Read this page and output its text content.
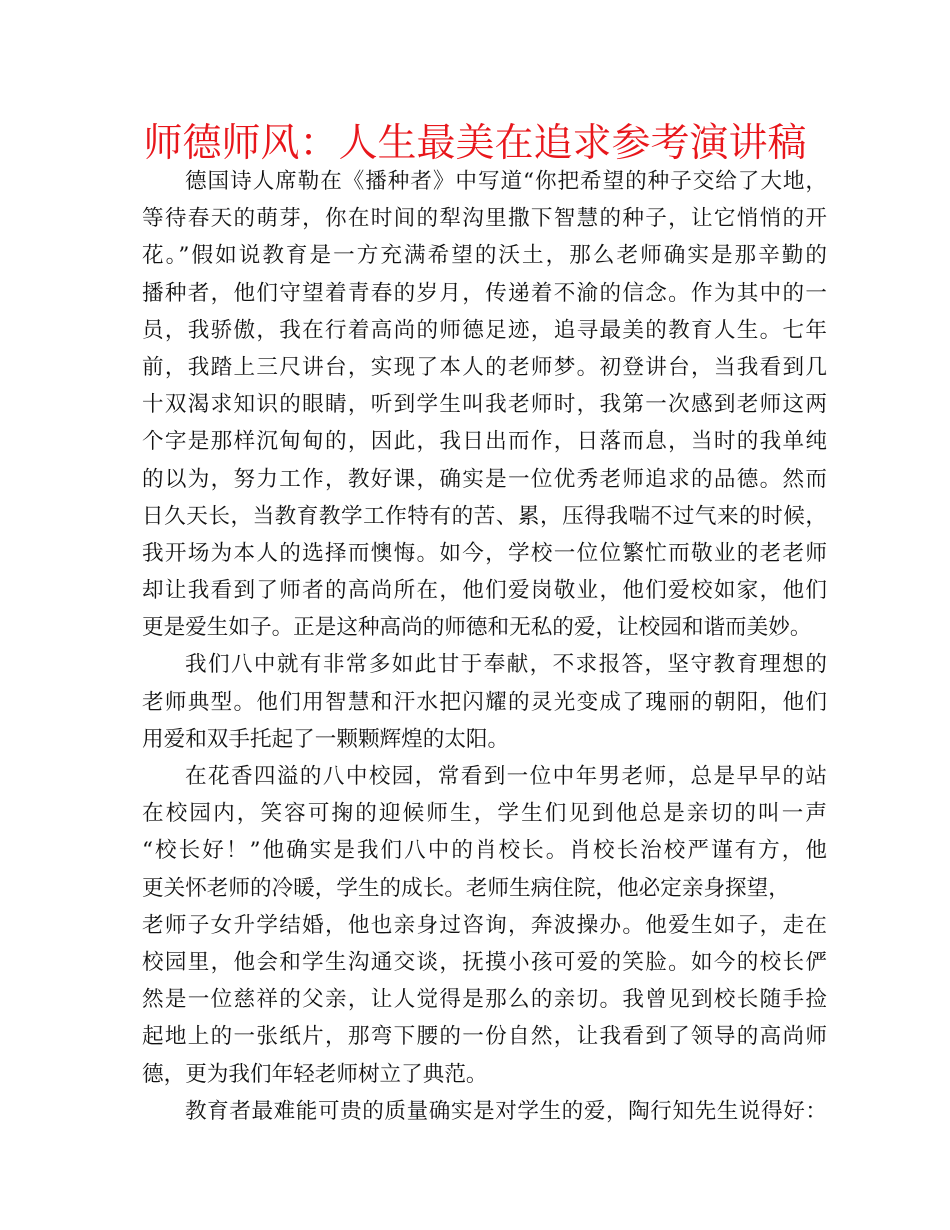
师德师风：人生最美在追求参考演讲稿
德国诗人席勒在《播种者》中写道“你把希望的种子交给了大地，
等待春天的萌芽，你在时间的犁沟里撒下智慧的种子，让它悄悄的开
花。”假如说教育是一方充满希望的沃土，那么老师确实是那辛勤的
播种者，他们守望着青春的岁月，传递着不渝的信念。作为其中的一
员，我骄傲，我在行着高尚的师德足迹，追寻最美的教育人生。七年
前，我踏上三尺讲台，实现了本人的老师梦。初登讲台，当我看到几
十双渴求知识的眼睛，听到学生叫我老师时，我第一次感到老师这两
个字是那样沉甸甸的，因此，我日出而作，日落而息，当时的我单纯
的以为，努力工作，教好课，确实是一位优秀老师追求的品德。然而
日久天长，当教育教学工作特有的苦、累，压得我喘不过气来的时候，
我开场为本人的选择而懊悔。如今，学校一位位繁忙而敬业的老老师
却让我看到了师者的高尚所在，他们爱岗敬业，他们爱校如家，他们
更是爱生如子。正是这种高尚的师德和无私的爱，让校园和谐而美妙。
我们八中就有非常多如此甘于奉献，不求报答，坚守教育理想的
老师典型。他们用智慧和汗水把闪耀的灵光变成了瑰丽的朝阳，他们
用爱和双手托起了一颗颗辉煌的太阳。
在花香四溢的八中校园，常看到一位中年男老师，总是早早的站
在校园内，笑容可掬的迎候师生，学生们见到他总是亲切的叫一声
“校长好！”他确实是我们八中的肖校长。肖校长治校严谨有方，他
更关怀老师的冷暖，学生的成长。老师生病住院，他必定亲身探望，
老师子女升学结婚，他也亲身过咨询，奔波操办。他爱生如子，走在
校园里，他会和学生沟通交谈，抚摸小孩可爱的笑脸。如今的校长俨
然是一位慈祥的父亲，让人觉得是那么的亲切。我曾见到校长随手捡
起地上的一张纸片，那弯下腰的一份自然，让我看到了领导的高尚师
德，更为我们年轻老师树立了典范。
教育者最难能可贵的质量确实是对学生的爱，陶行知先生说得好：
